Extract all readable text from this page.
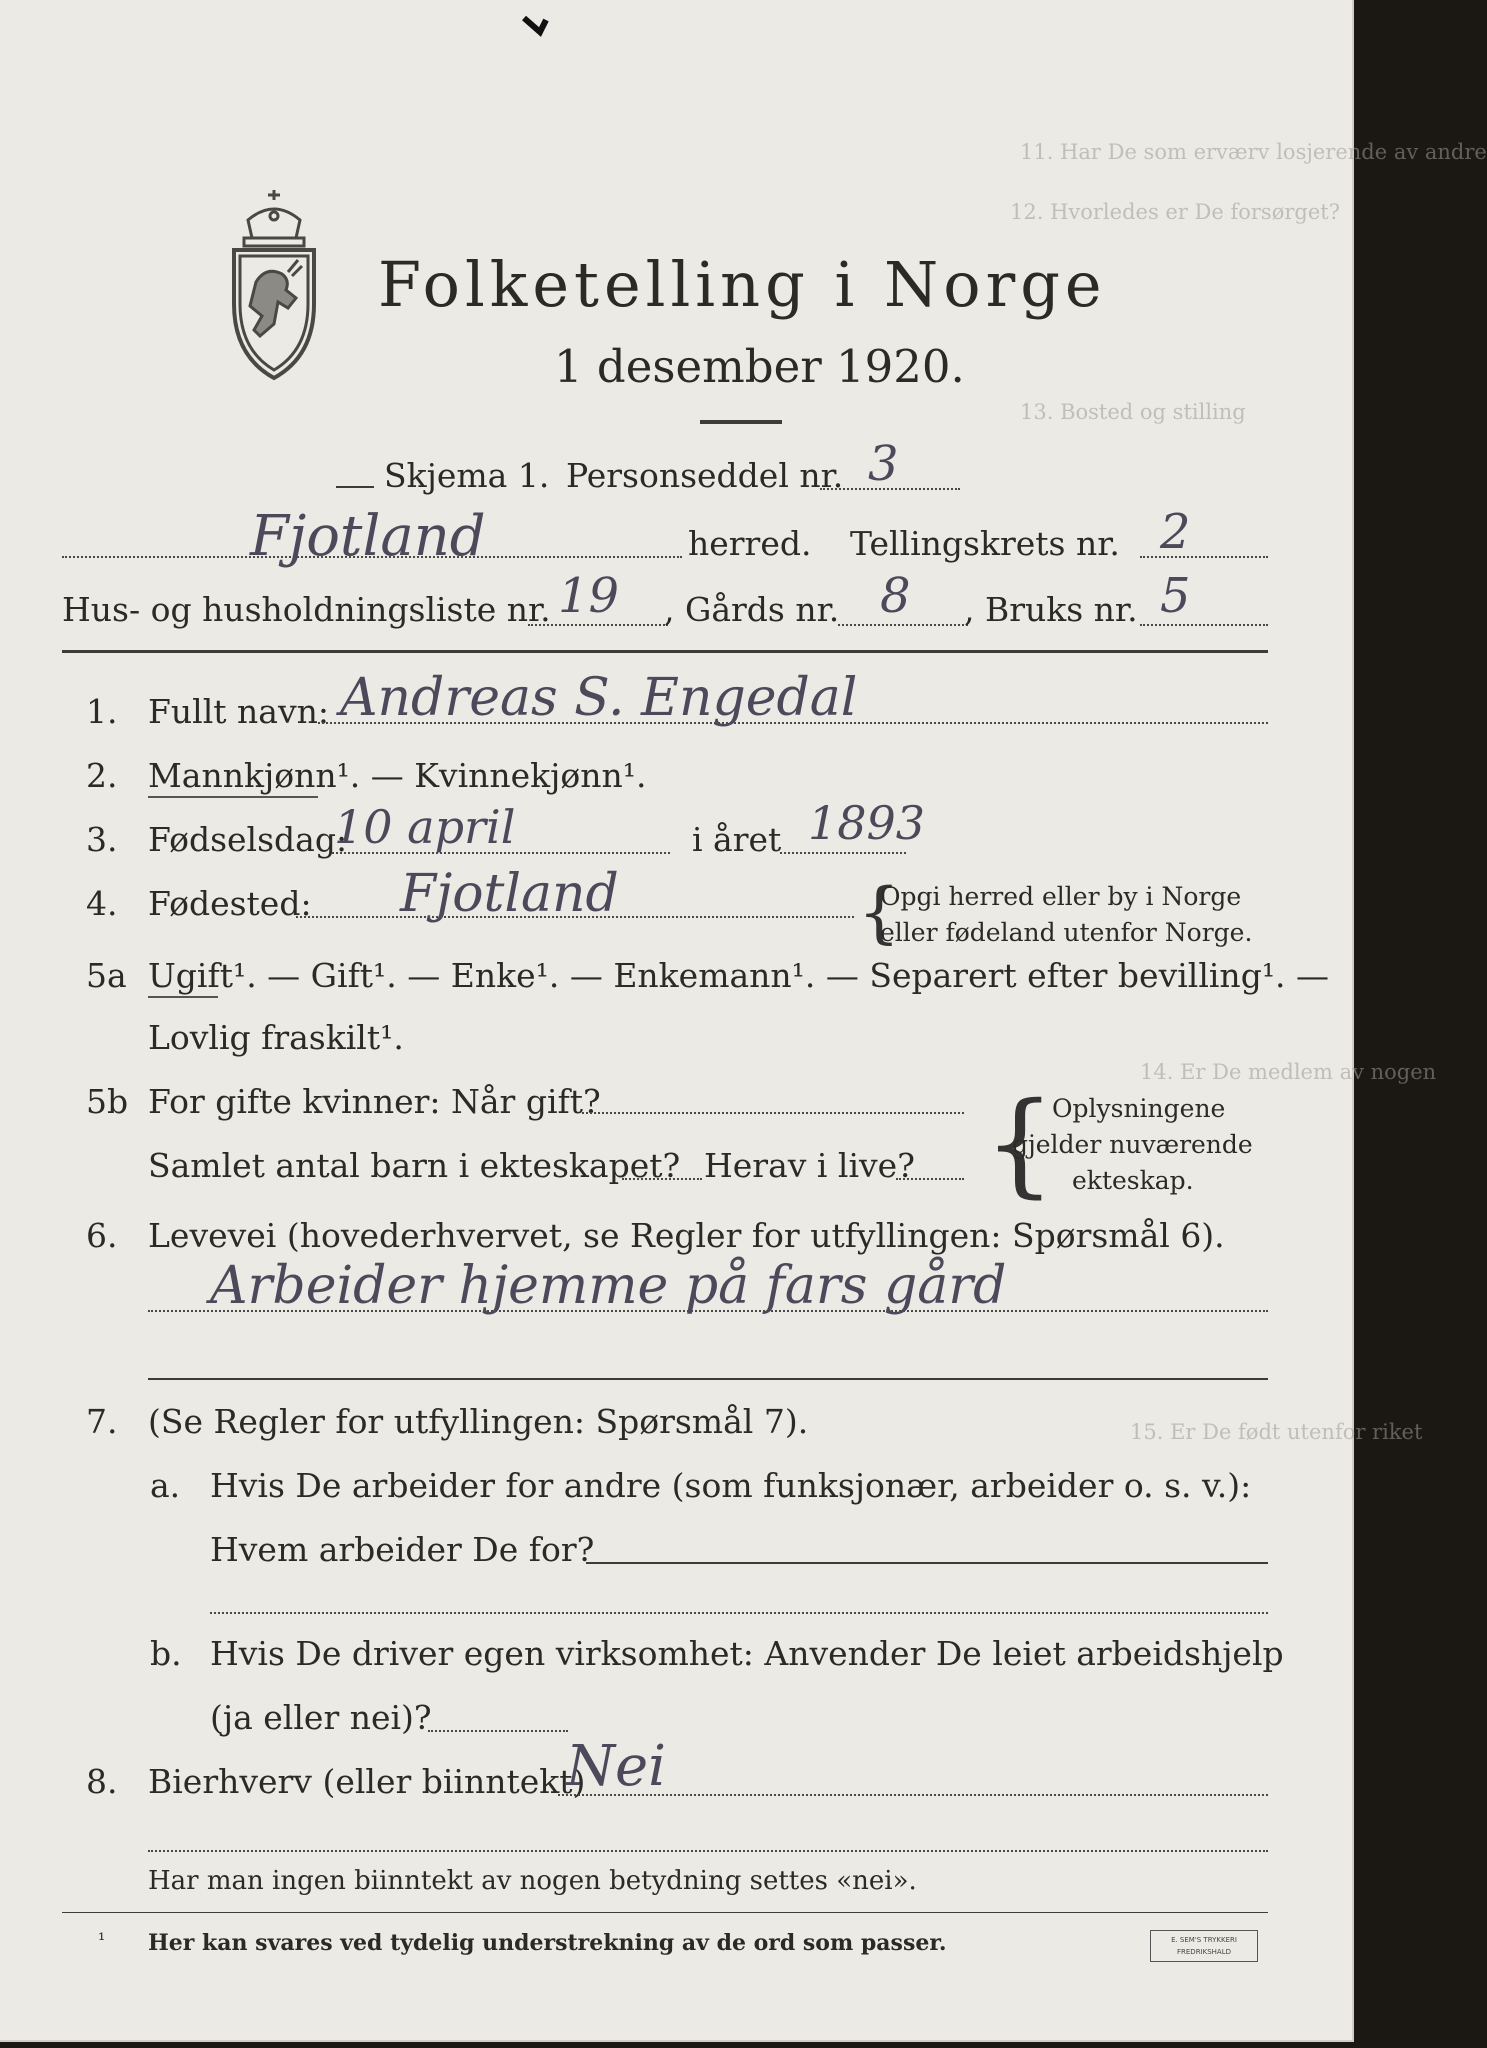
11. Har De som erværv losjerende av andre
12. Hvorledes er De forsørget?
13. Bosted og stilling
14. Er De medlem av nogen
15. Er De født utenfor riket
Folketelling i Norge
1 desember 1920.
Skjema 1. Personseddel nr. 3
Fjotland	herred. Tellingskrets nr. 2
Hus- og husholdningsliste nr. 19 , Gårds nr. 8 , Bruks nr. 5
1. Fullt navn: Andreas S. Engedal
2. Mannkjønn¹. — Kvinnekjønn¹.
3. Fødselsdag:
10 april	i året 1893
4. Fødested: Fjotland	{
Opgi herred eller by i Norge
eller fødeland utenfor Norge.
5a Ugift¹. — Gift¹. — Enke¹. — Enkemann¹. — Separert efter bevilling¹. —
Lovlig fraskilt¹.
5b For gifte kvinner: Når gift?
Samlet antal barn i ekteskapet? Herav i live? {
Oplysningene
gjelder nuværende
ekteskap.
6. Levevei (hovederhvervet, se Regler for utfyllingen: Spørsmål 6).
Arbeider hjemme på fars gård
7. (Se Regler for utfyllingen: Spørsmål 7).
a. Hvis De arbeider for andre (som funksjonær, arbeider o. s. v.):
Hvem arbeider De for?
b. Hvis De driver egen virksomhet: Anvender De leiet arbeidshjelp
(ja eller nei)?
8. Bierhverv (eller biinntekt)
Nei
Har man ingen biinntekt av nogen betydning settes «nei».
¹ Her kan svares ved tydelig understrekning av de ord som passer.	E. SEM'S TRYKKERI
FREDRIKSHALD
